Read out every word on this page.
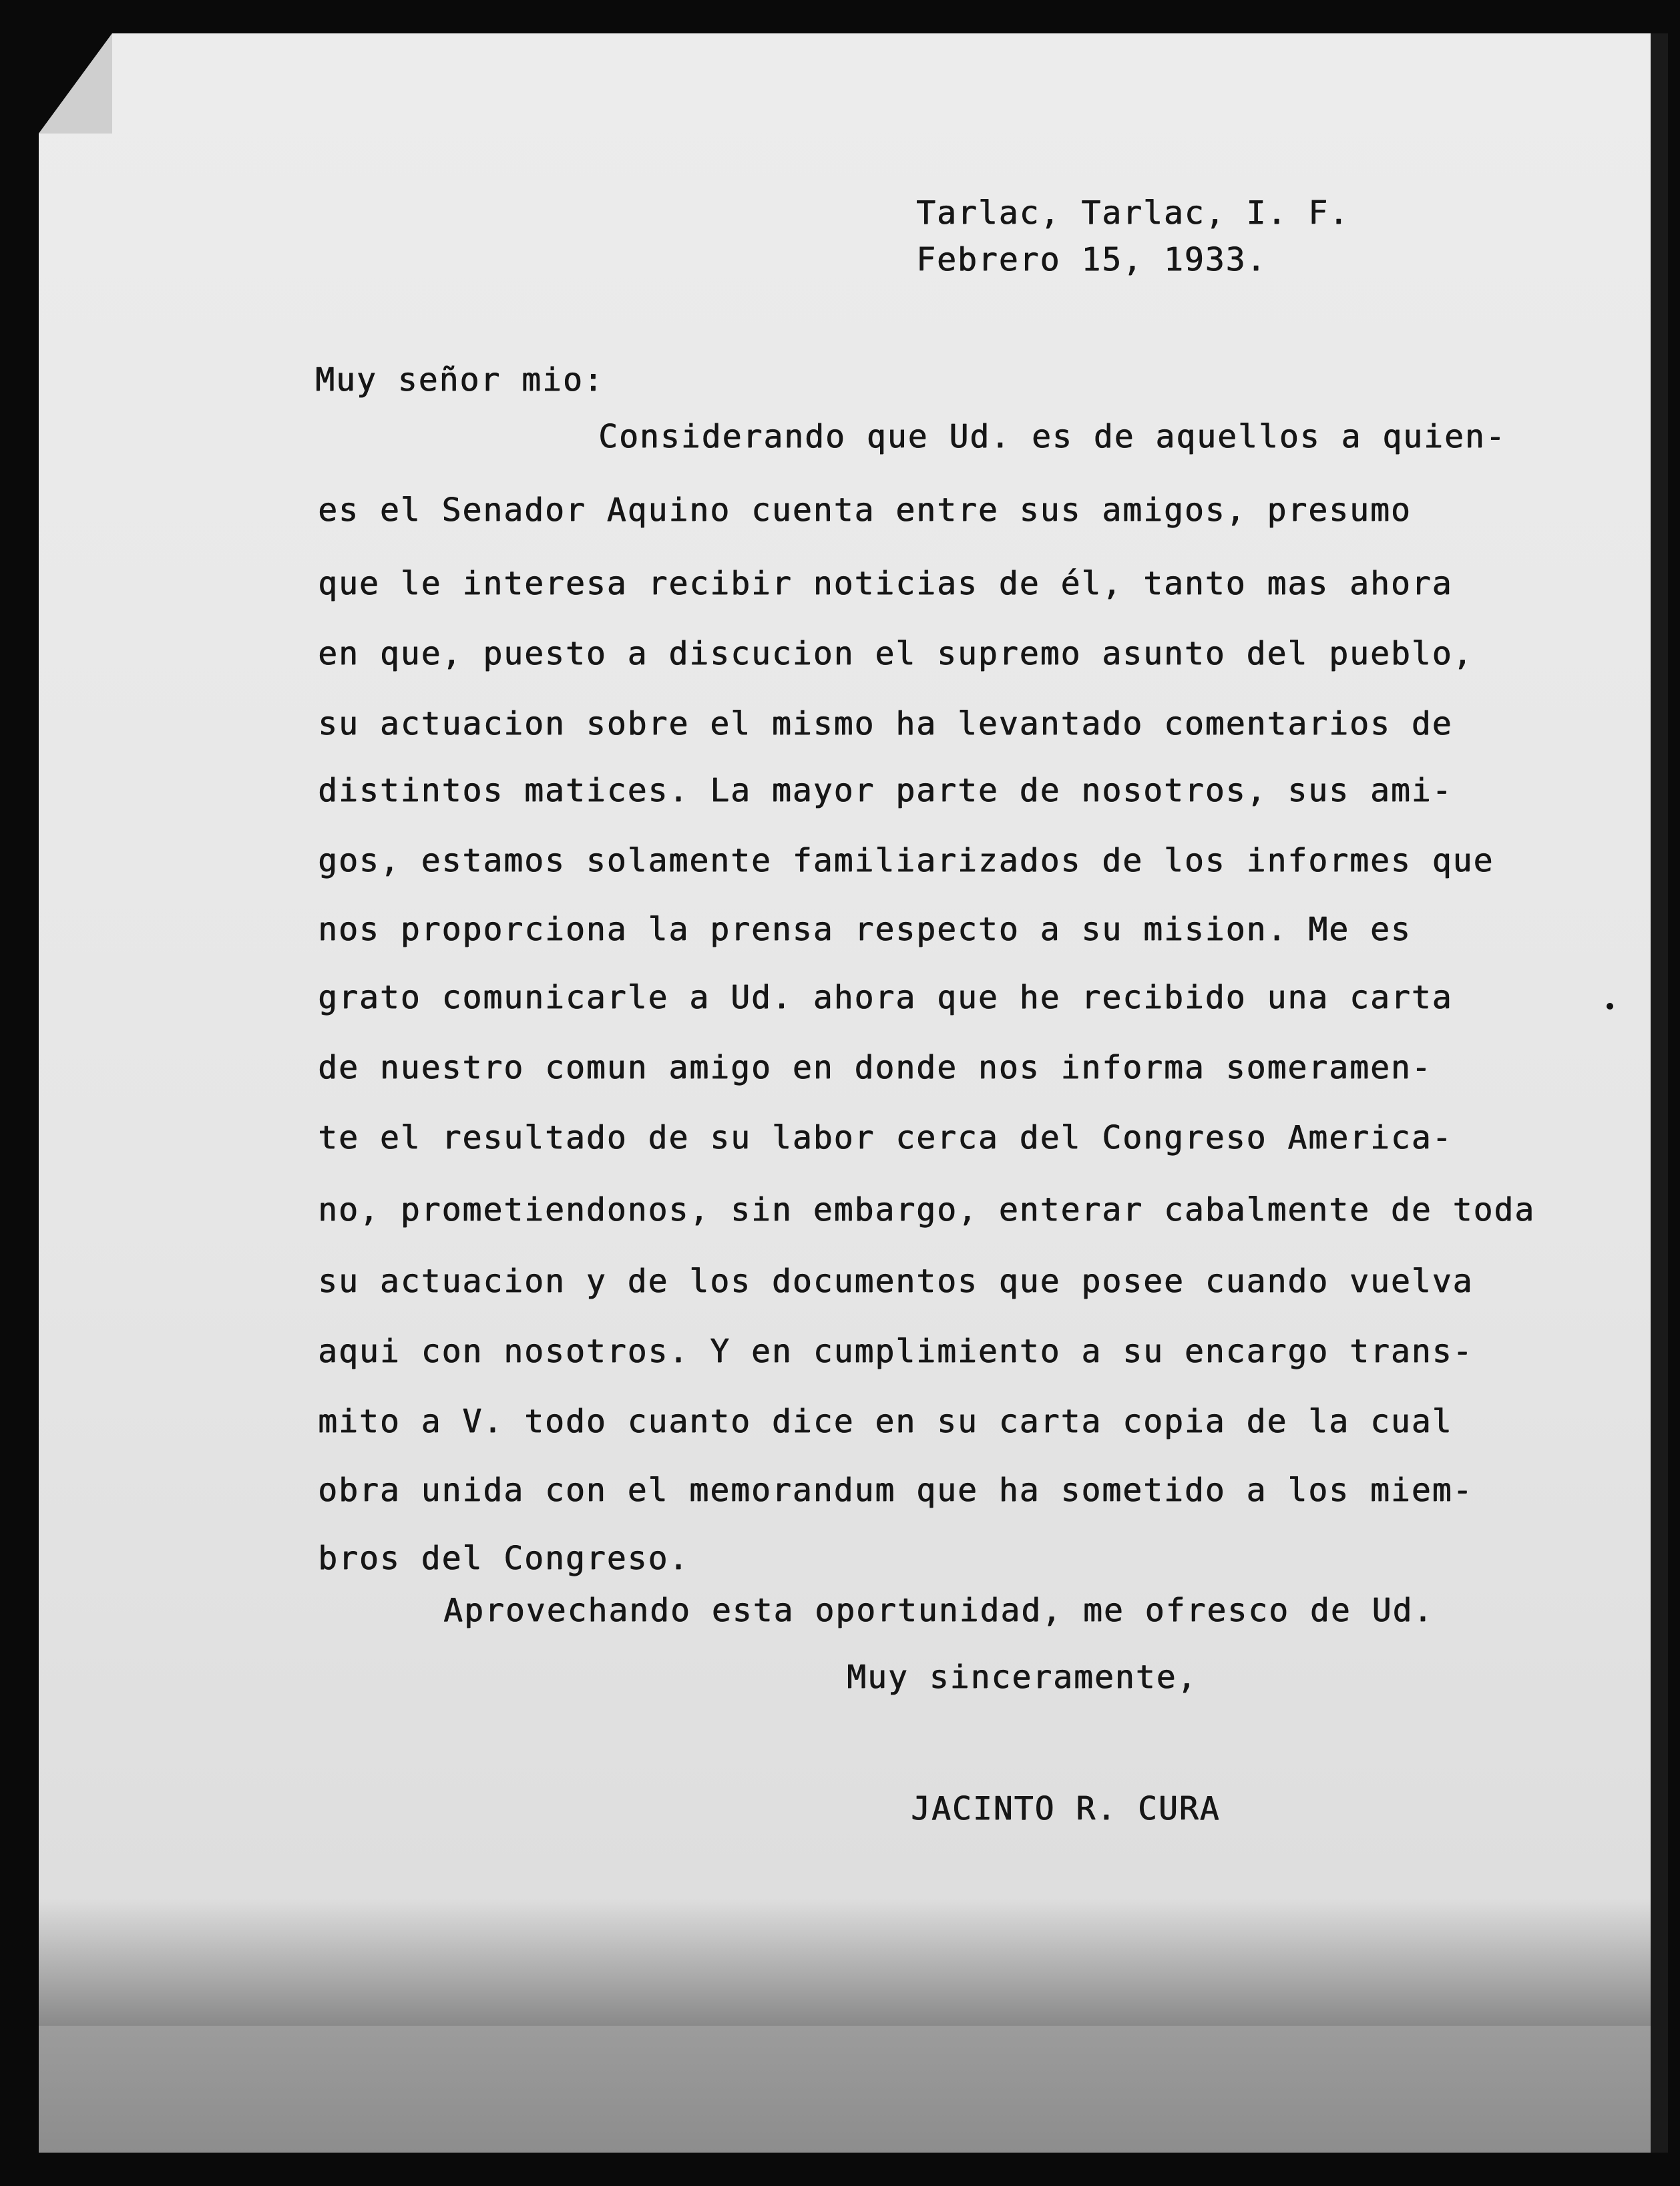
Tarlac, Tarlac, I. F.

Febrero 15, 1933.

Muy señor mio:

Considerando que Ud. es de aquellos a quien-

es el Senador Aquino cuenta entre sus amigos, presumo

que le interesa recibir noticias de él, tanto mas ahora

en que, puesto a discucion el supremo asunto del pueblo,

su actuacion sobre el mismo ha levantado comentarios de

distintos matices. La mayor parte de nosotros, sus ami-

gos, estamos solamente familiarizados de los informes que

nos proporciona la prensa respecto a su mision. Me es

grato comunicarle a Ud. ahora que he recibido una carta

de nuestro comun amigo en donde nos informa someramen-

te el resultado de su labor cerca del Congreso America-

no, prometiendonos, sin embargo, enterar cabalmente de toda

su actuacion y de los documentos que posee cuando vuelva

aqui con nosotros. Y en cumplimiento a su encargo trans-

mito a V. todo cuanto dice en su carta copia de la cual

obra unida con el memorandum que ha sometido a los miem-

bros del Congreso.

Aprovechando esta oportunidad, me ofresco de Ud.

Muy sinceramente,

JACINTO R. CURA
